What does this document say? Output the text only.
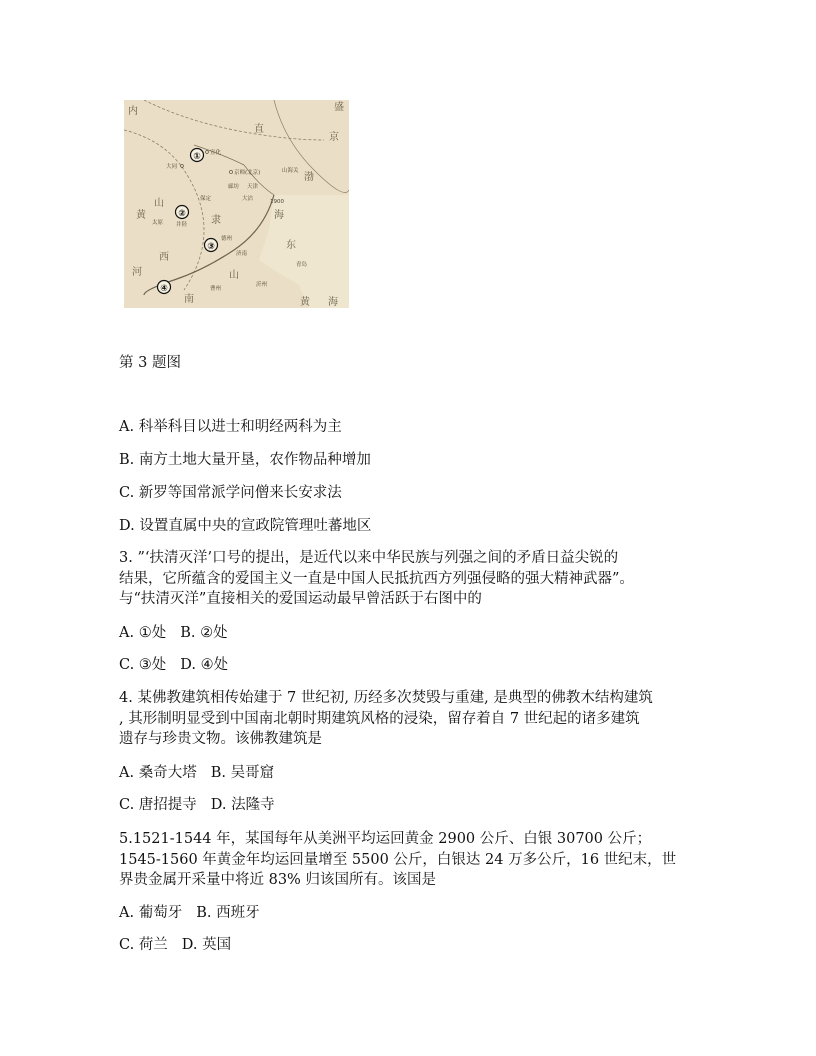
内
直
隶
京
山
西
黄
渤
海
东
山
河
南	黄 海
盛
宣化
大同
京师(北京)	山海关
廊坊 天津
保定	大沽
太原 井陉
德州
济南
青岛
曹州
沂州
1900
①
②
③
④
第 3 题图
A. 科举科目以进士和明经两科为主
B. 南方土地大量开垦，农作物品种增加
C. 新罗等国常派学问僧来长安求法
D. 设置直属中央的宣政院管理吐蕃地区
3. ”‘扶清灭洋’口号的提出，是近代以来中华民族与列强之间的矛盾日益尖锐的
结果，它所蕴含的爱国主义一直是中国人民抵抗西方列强侵略的强大精神武器”。
与“扶清灭洋”直接相关的爱国运动最早曾活跃于右图中的
A. ①处 B. ②处
C. ③处 D. ④处
4. 某佛教建筑相传始建于 7 世纪初, 历经多次焚毁与重建, 是典型的佛教木结构建筑
, 其形制明显受到中国南北朝时期建筑风格的浸染，留存着自 7 世纪起的诸多建筑
遗存与珍贵文物。该佛教建筑是
A. 桑奇大塔 B. 吴哥窟
C. 唐招提寺 D. 法隆寺
5.1521-1544 年，某国每年从美洲平均运回黄金 2900 公斤、白银 30700 公斤；
1545-1560 年黄金年均运回量增至 5500 公斤，白银达 24 万多公斤，16 世纪末，世
界贵金属开采量中将近 83% 归该国所有。该国是
A. 葡萄牙 B. 西班牙
C. 荷兰 D. 英国
